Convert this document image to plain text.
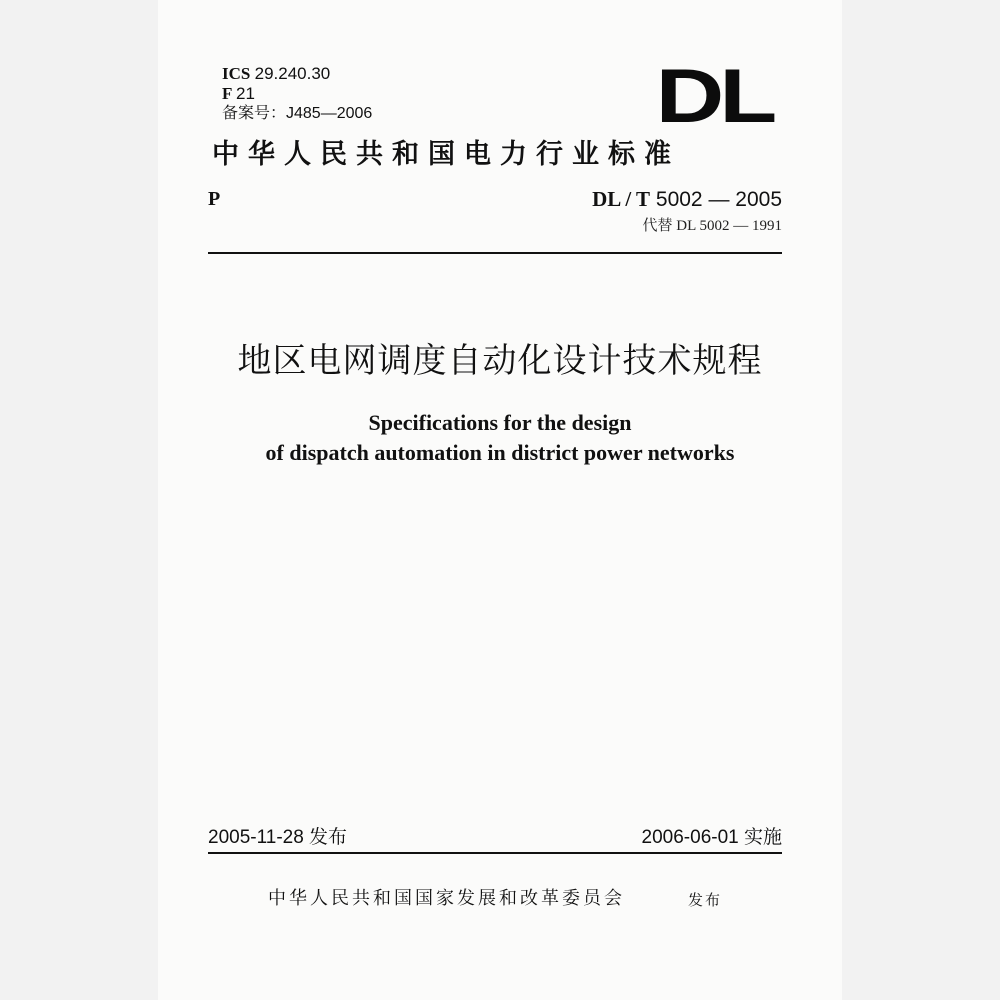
ICS 29.240.30
F 21
备案号：J485—2006	DL
中华人民共和国电力行业标准
P	DL / T 5002 — 2005
代替 DL 5002 — 1991
地区电网调度自动化设计技术规程
Specifications for the design
of dispatch automation in district power networks
2005-11-28 发布	2006-06-01 实施
中华人民共和国国家发展和改革委员会	发布
